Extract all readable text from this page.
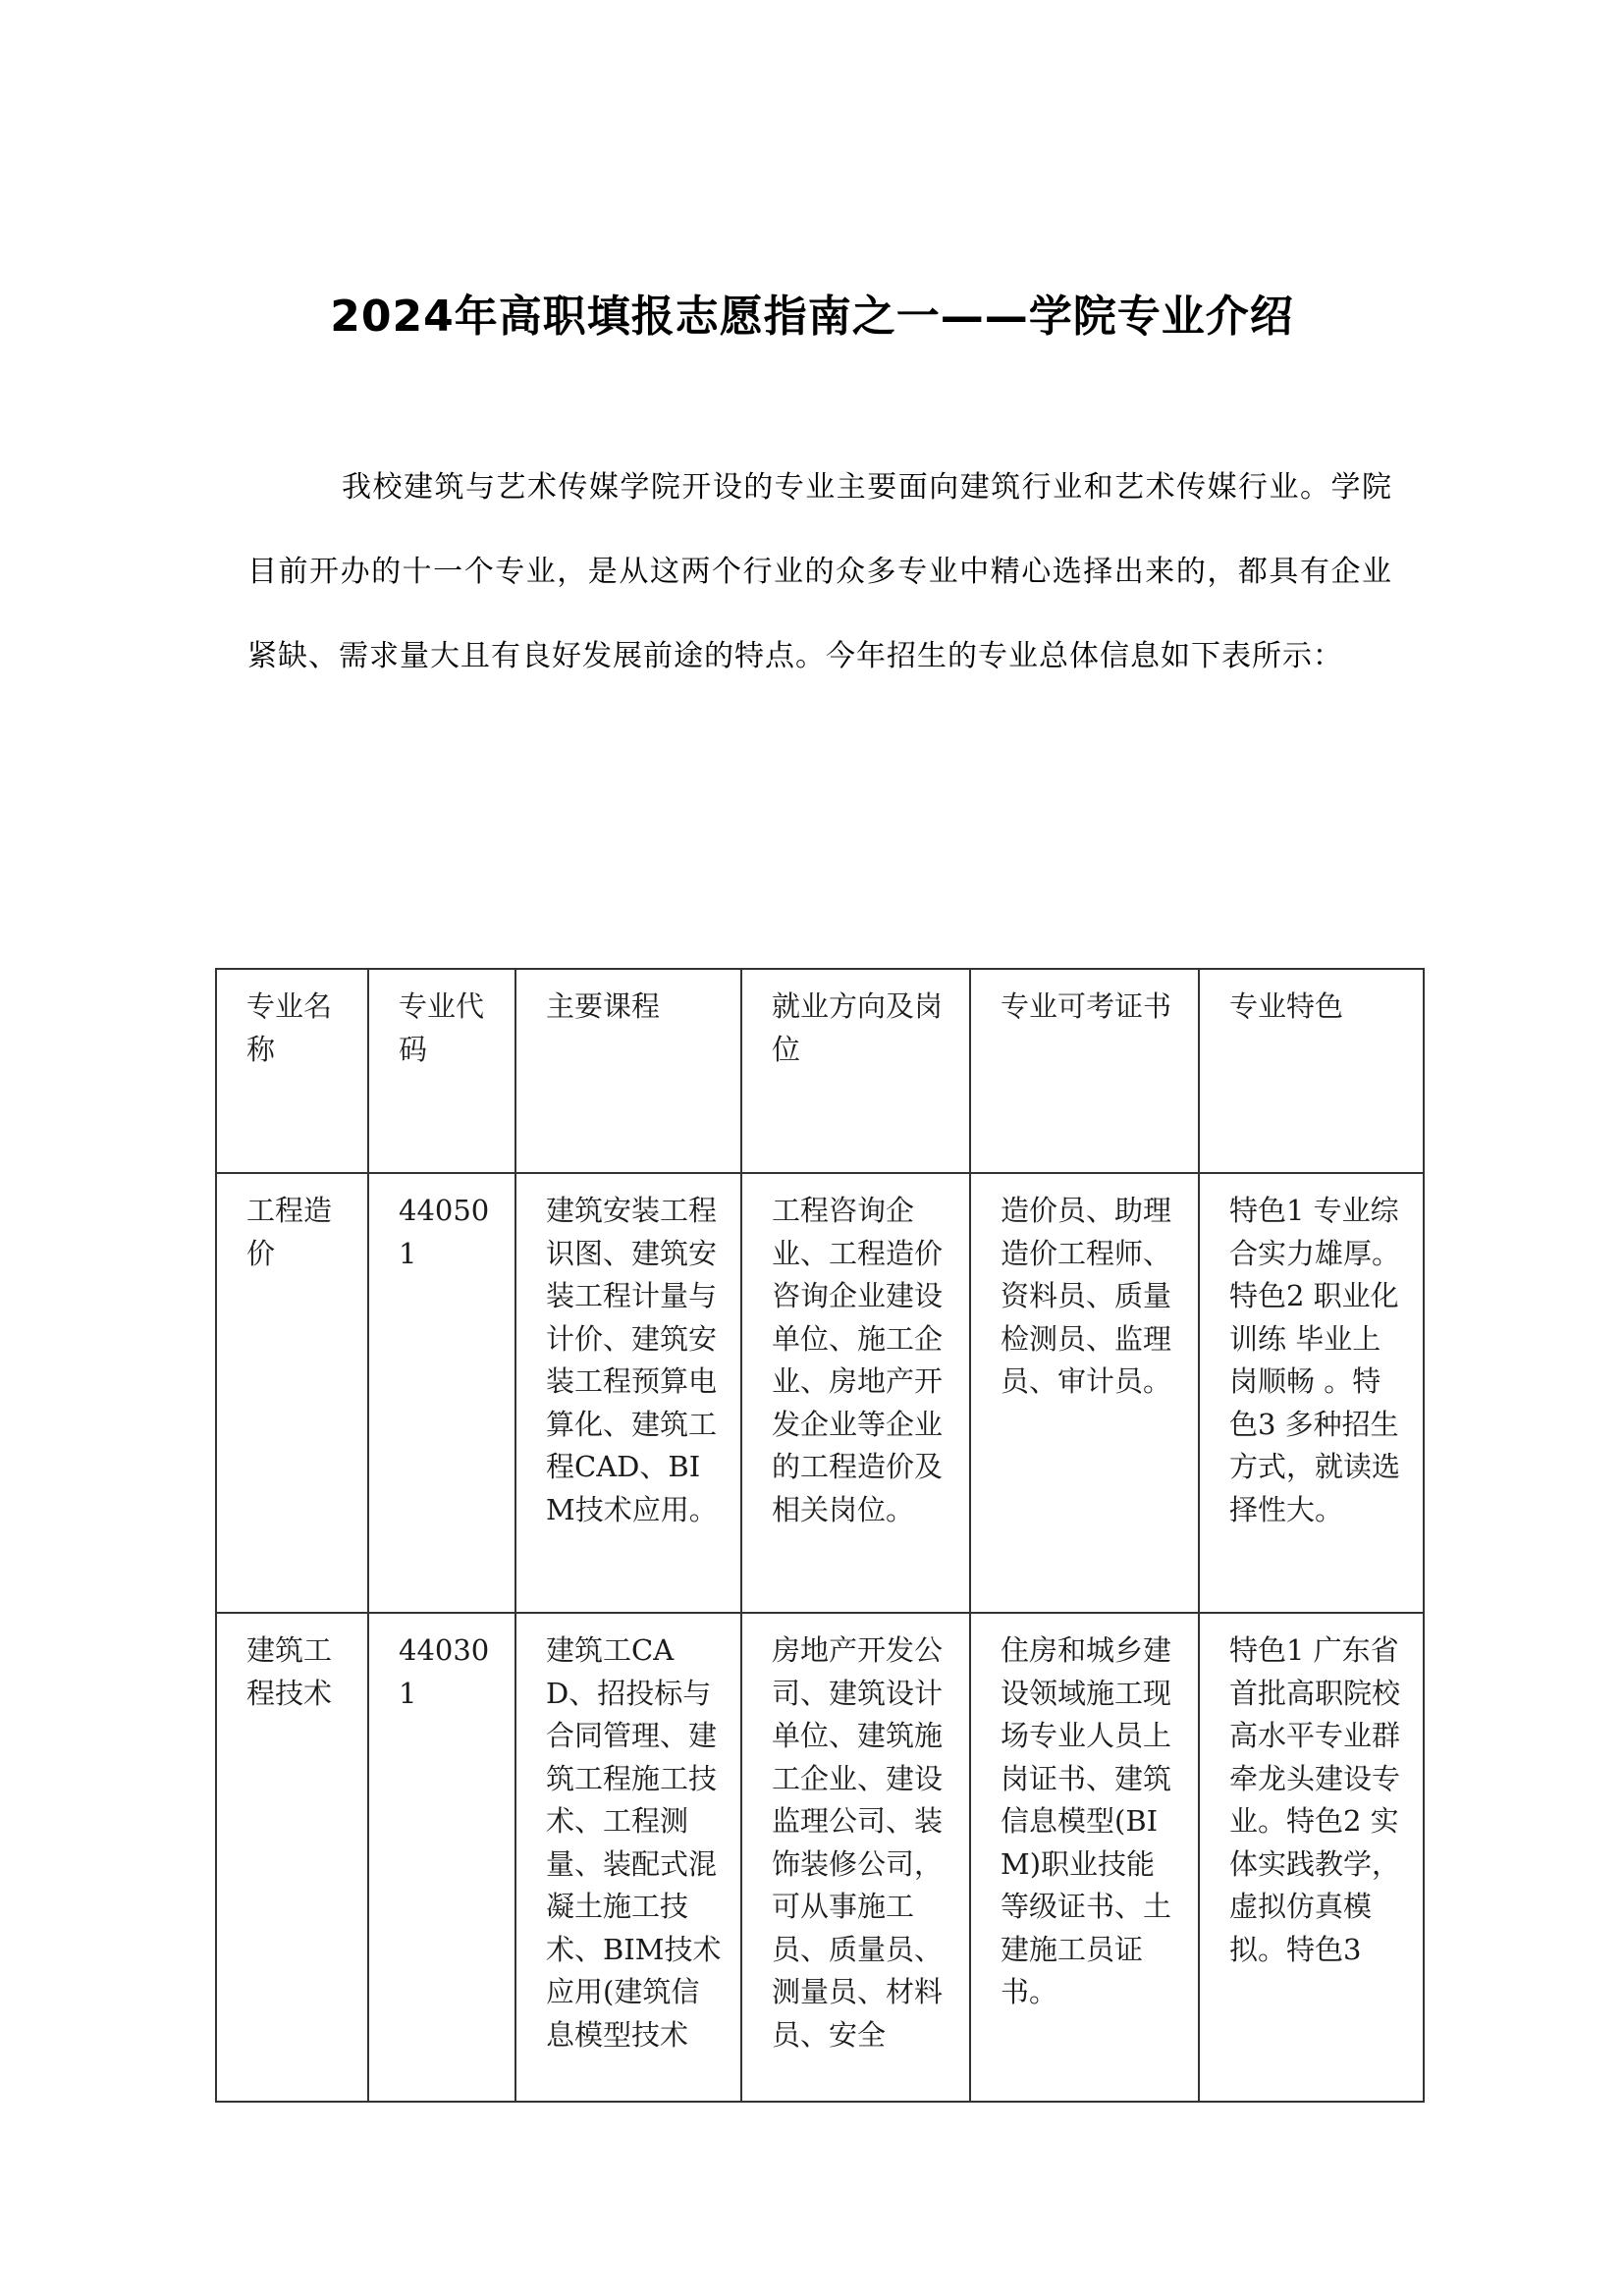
2024年高职填报志愿指南之一——学院专业介绍

我校建筑与艺术传媒学院开设的专业主要面向建筑行业和艺术传媒行业。学院目前开办的十一个专业，是从这两个行业的众多专业中精心选择出来的，都具有企业紧缺、需求量大且有良好发展前途的特点。今年招生的专业总体信息如下表所示：

专业名称	专业代码	主要课程	就业方向及岗位	专业可考证书	专业特色
工程造价	440501	建筑安装工程识图、建筑安装工程计量与计价、建筑安装工程预算电算化、建筑工程CAD、BIM技术应用。	工程咨询企业、工程造价咨询企业建设单位、施工企业、房地产开发企业等企业的工程造价及相关岗位。	造价员、助理造价工程师、资料员、质量检测员、监理员、审计员。	特色1 专业综合实力雄厚。特色2 职业化训练 毕业上岗顺畅 。特色3 多种招生方式，就读选择性大。
建筑工程技术	440301	建筑工CAD、招投标与合同管理、建筑工程施工技术、工程测量、装配式混凝土施工技术、BIM技术应用(建筑信息模型技术	房地产开发公司、建筑设计单位、建筑施工企业、建设监理公司、装饰装修公司，可从事施工员、质量员、测量员、材料员、安全	住房和城乡建设领域施工现场专业人员上岗证书、建筑信息模型(BIM)职业技能等级证书、土建施工员证书。	特色1 广东省首批高职院校高水平专业群牵龙头建设专业。特色2 实体实践教学，虚拟仿真模拟。特色3
